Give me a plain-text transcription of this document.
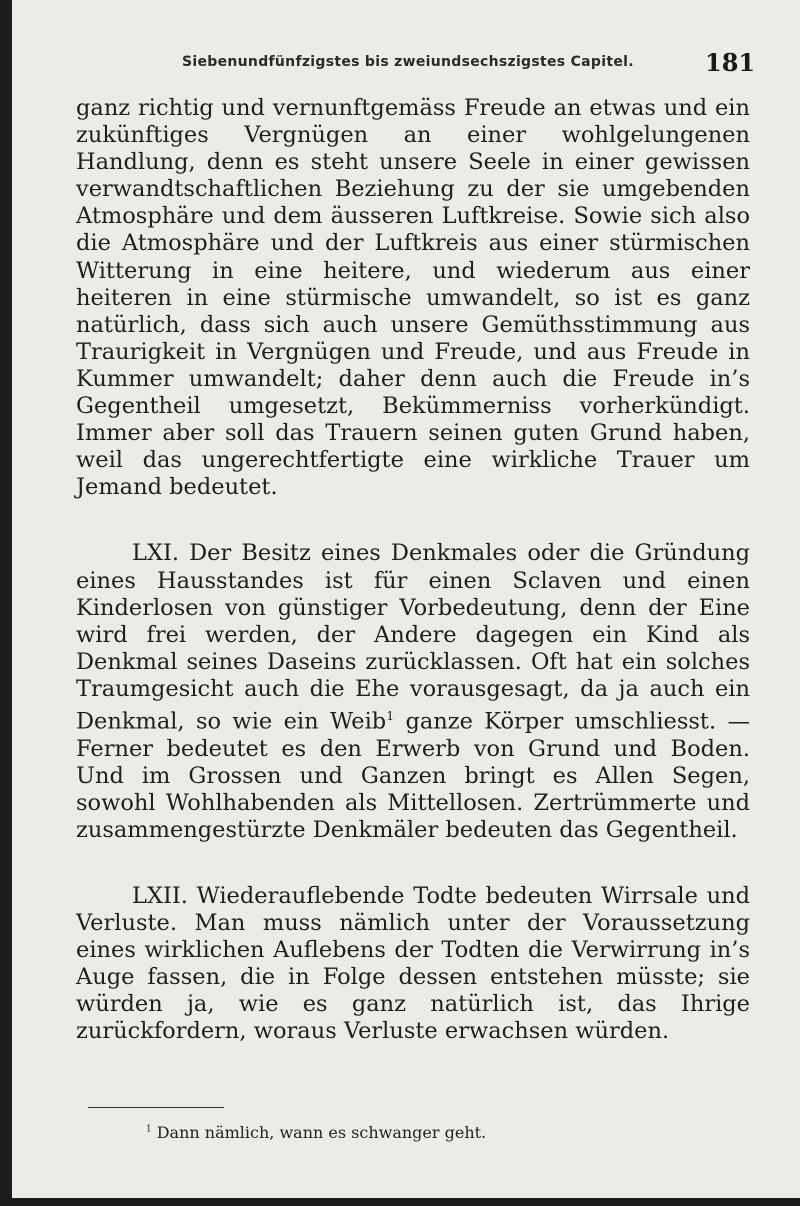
Siebenundfünfzigstes bis zweiundsechszigstes Capitel.	181

ganz richtig und vernunftgemäss Freude an etwas und ein zukünftiges Vergnügen an einer wohlgelungenen Handlung, denn es steht unsere Seele in einer gewissen verwandtschaftlichen Beziehung zu der sie umgebenden Atmosphäre und dem äusseren Luftkreise. Sowie sich also die Atmosphäre und der Luftkreis aus einer stürmischen Witterung in eine heitere, und wiederum aus einer heiteren in eine stürmische umwandelt, so ist es ganz natürlich, dass sich auch unsere Gemüthsstimmung aus Traurigkeit in Vergnügen und Freude, und aus Freude in Kummer umwandelt; daher denn auch die Freude in’s Gegentheil umgesetzt, Bekümmerniss vorherkündigt. Immer aber soll das Trauern seinen guten Grund haben, weil das ungerechtfertigte eine wirkliche Trauer um Jemand bedeutet.

LXI. Der Besitz eines Denkmales oder die Gründung eines Hausstandes ist für einen Sclaven und einen Kinderlosen von günstiger Vorbedeutung, denn der Eine wird frei werden, der Andere dagegen ein Kind als Denkmal seines Daseins zurücklassen. Oft hat ein solches Traumgesicht auch die Ehe vorausgesagt, da ja auch ein Denkmal, so wie ein Weib$^1$ ganze Körper umschliesst. — Ferner bedeutet es den Erwerb von Grund und Boden. Und im Grossen und Ganzen bringt es Allen Segen, sowohl Wohlhabenden als Mittellosen. Zertrümmerte und zusammengestürzte Denkmäler bedeuten das Gegentheil.

LXII. Wiederauflebende Todte bedeuten Wirrsale und Verluste. Man muss nämlich unter der Voraussetzung eines wirklichen Auflebens der Todten die Verwirrung in’s Auge fassen, die in Folge dessen entstehen müsste; sie würden ja, wie es ganz natürlich ist, das Ihrige zurückfordern, woraus Verluste erwachsen würden.

$^1$ Dann nämlich, wann es schwanger geht.
